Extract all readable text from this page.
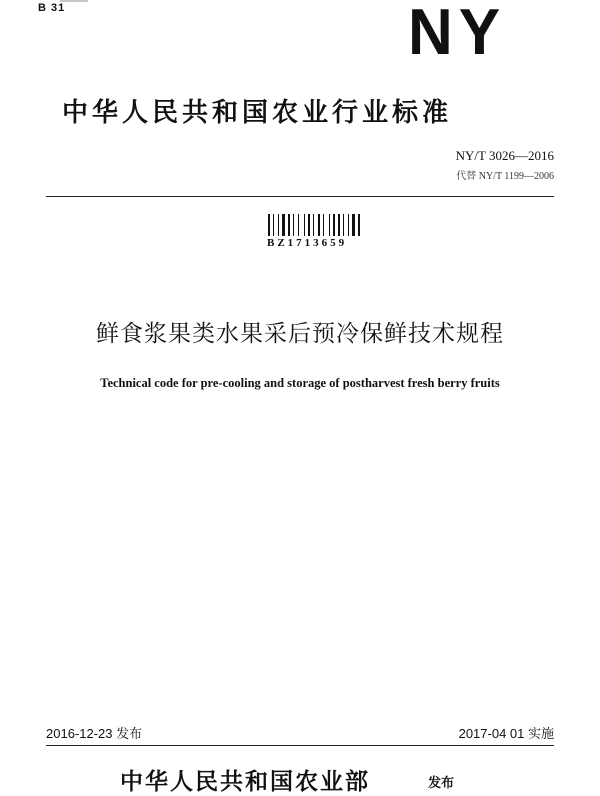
B 31	NY
中华人民共和国农业行业标准
NY/T 3026—2016
代替 NY/T 1199—2006
BZ1713659
鲜食浆果类水果采后预冷保鲜技术规程
Technical code for pre-cooling and storage of postharvest fresh berry fruits
2016-12-23 发布	2017-04 01 实施
中华人民共和国农业部	发布
